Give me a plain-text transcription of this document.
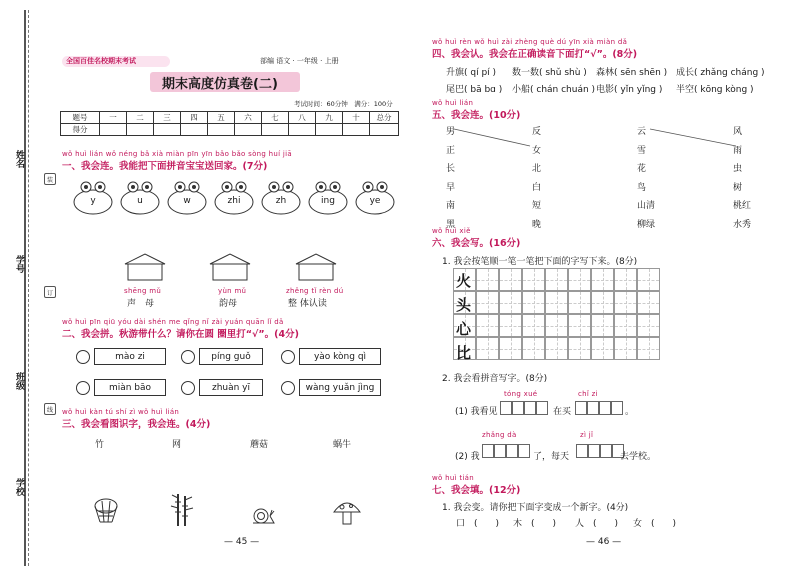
姓名
学号
班级
学校
装
订
线
全国百佳名校期末考试	部编 语文 · 一年级 · 上册
期末高度仿真卷(二)
考试时间：60分钟　满分：100分
题号	一	二	三	四	五	六	七	八	九	十	总分
得分											
wǒ huì lián wǒ néng bǎ xià miàn pīn yīn bǎo bǎo sòng huí jiā
一、我会连。我能把下面拼音宝宝送回家。(7分)
y	u	w	zhi	zh	ing	ye
shēng mǔ
声　母
yùn mǔ
韵母
zhěng tǐ rèn dú
整 体认读
wǒ huì pīn qiū yóu dài shén me qǐng nǐ zài yuán quān lǐ dǎ
二、我会拼。秋游带什么？请你在圆 圈里打“√”。(4分)
mào zi	píng guǒ	yào kòng qì
miàn bāo	zhuàn yī	wàng yuǎn jìng
wǒ huì kàn tú shí zì wǒ huì lián
三、我会看图识字，我会连。(4分)
竹	网	蘑菇	蜗牛
— 45 —
wǒ huì rèn wǒ huì zài zhèng què dú yīn xià miàn dǎ
四、我会认。我会在正确读音下面打“√”。(8分)
升旗( qí pí ) 数一数( shǔ shù ) 森林( sēn shēn ) 成长( zhǎng cháng )
尾巴( bā bɑ ) 小船( chán chuán ) 电影( yǐn yǐng ) 半空( kōng kòng )
wǒ huì lián
五、我会连。(10分)
男
正
长
早
南
黑
反
女
北
白
短
晚
云
雪
花
鸟
山清
柳绿
风
雨
虫
树
桃红
水秀
wǒ huì xiě
六、我会写。(16分)
1. 我会按笔顺一笔一笔把下面的字写下来。(8分)
火
头
心
比
2. 我会看拼音写字。(8分)
tóng xué
(1) 我看见	在买
chǐ zi
。
zhǎng dà
(2) 我	了，每天
zì jǐ
去学校。
wǒ huì tián
七、我会填。(12分)
1. 我会变。请你把下面字变成一个新字。(4分)
口　(　　) 木　(　　) 人　(　　) 女　(　　)
— 46 —
